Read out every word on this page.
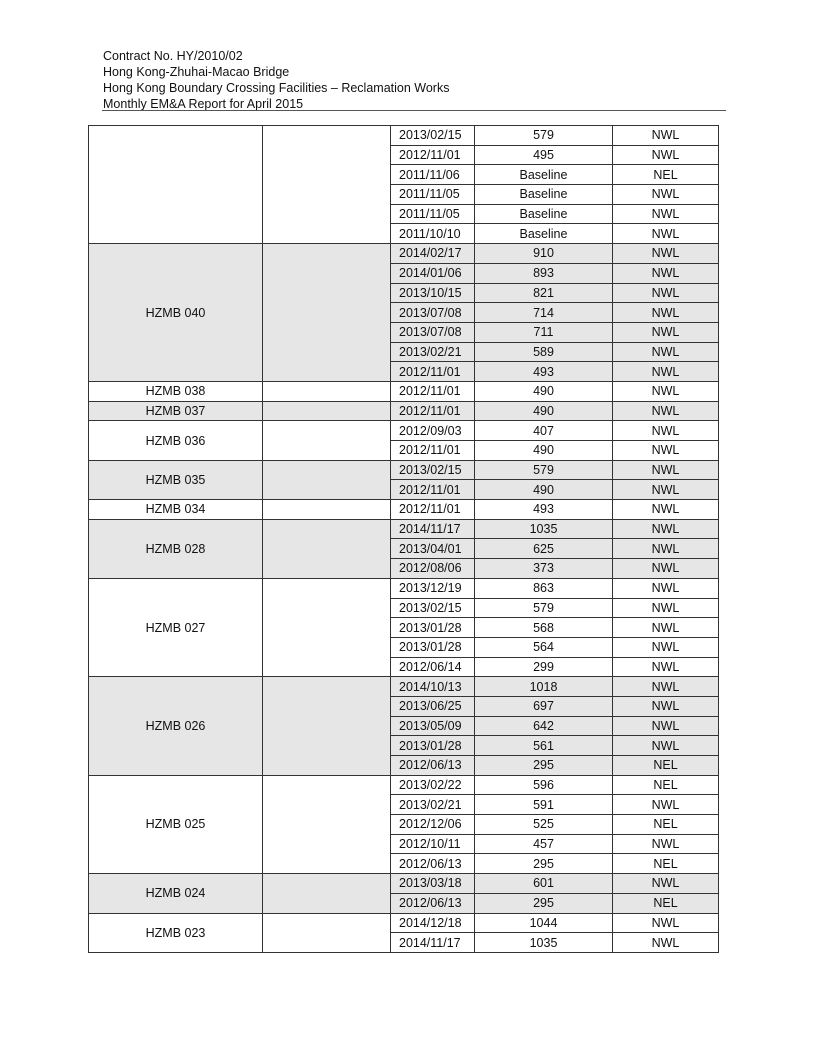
Contract No. HY/2010/02
Hong Kong-Zhuhai-Macao Bridge
Hong Kong Boundary Crossing Facilities – Reclamation Works
Monthly EM&A Report for April 2015
		2013/02/15	579	NWL
		2012/11/01	495	NWL
		2011/11/06	Baseline	NEL
		2011/11/05	Baseline	NWL
		2011/11/05	Baseline	NWL
		2011/10/10	Baseline	NWL
HZMB 040		2014/02/17	910	NWL
		2014/01/06	893	NWL
		2013/10/15	821	NWL
		2013/07/08	714	NWL
		2013/07/08	711	NWL
		2013/02/21	589	NWL
		2012/11/01	493	NWL
HZMB 038		2012/11/01	490	NWL
HZMB 037		2012/11/01	490	NWL
HZMB 036		2012/09/03	407	NWL
		2012/11/01	490	NWL
HZMB 035		2013/02/15	579	NWL
		2012/11/01	490	NWL
HZMB 034		2012/11/01	493	NWL
HZMB 028		2014/11/17	1035	NWL
		2013/04/01	625	NWL
		2012/08/06	373	NWL
HZMB 027		2013/12/19	863	NWL
		2013/02/15	579	NWL
		2013/01/28	568	NWL
		2013/01/28	564	NWL
		2012/06/14	299	NWL
HZMB 026		2014/10/13	1018	NWL
		2013/06/25	697	NWL
		2013/05/09	642	NWL
		2013/01/28	561	NWL
		2012/06/13	295	NEL
HZMB 025		2013/02/22	596	NEL
		2013/02/21	591	NWL
		2012/12/06	525	NEL
		2012/10/11	457	NWL
		2012/06/13	295	NEL
HZMB 024		2013/03/18	601	NWL
		2012/06/13	295	NEL
HZMB 023		2014/12/18	1044	NWL
		2014/11/17	1035	NWL
